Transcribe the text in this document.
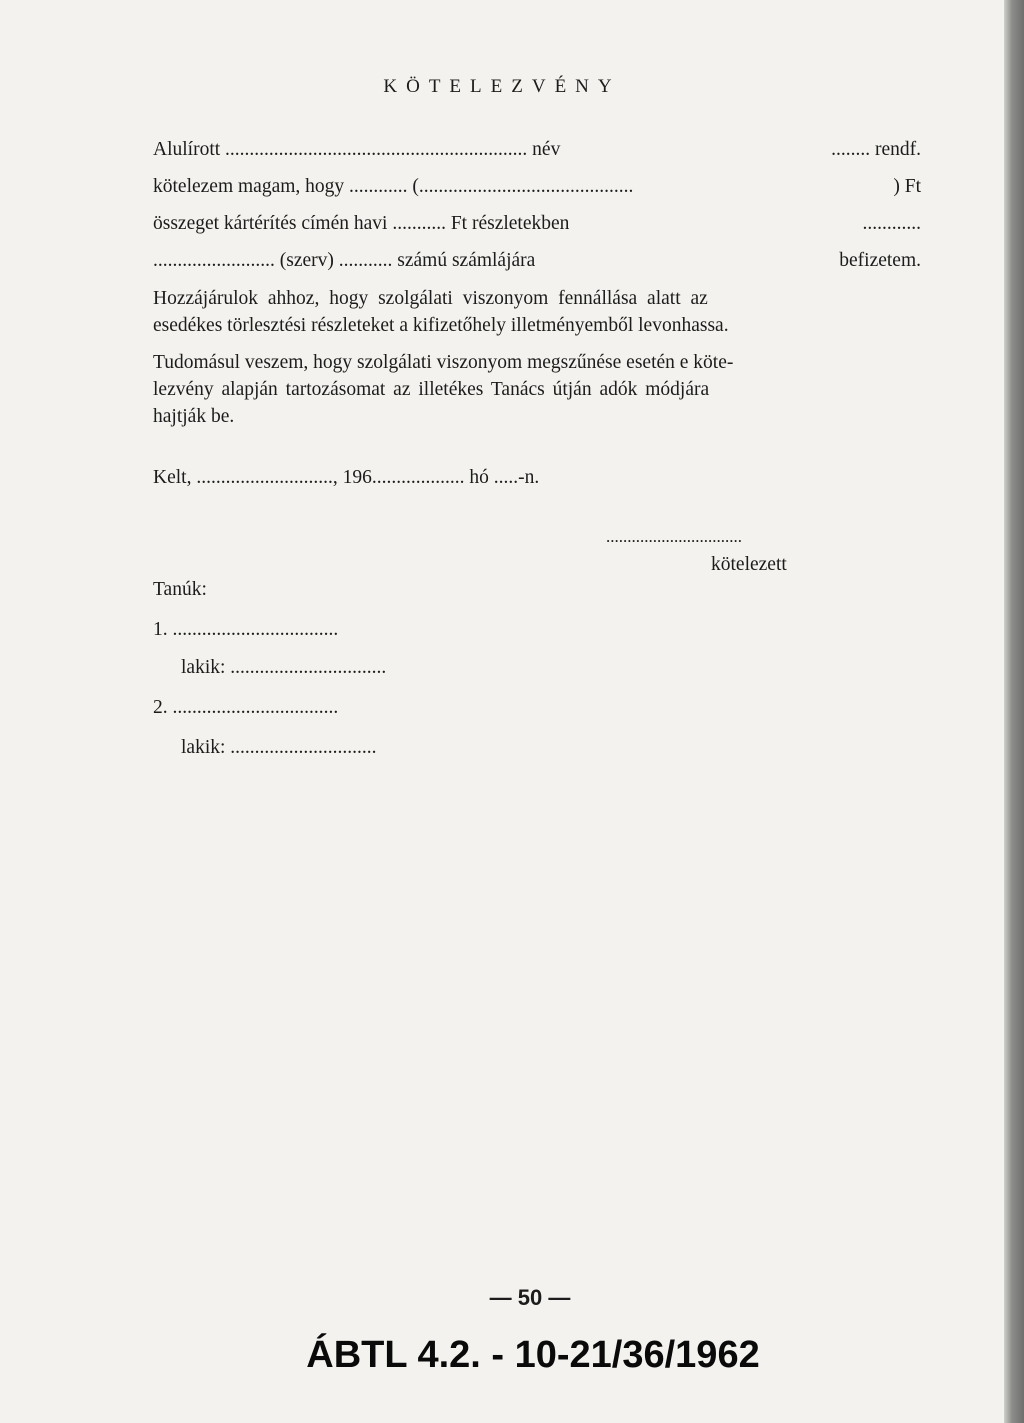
KÖTELEZVÉNY
Alulírott .............................................................. név	........ rendf.
kötelezem magam, hogy ............ (............................................	) Ft
összeget kártérítés címén havi ........... Ft részletekben	............
......................... (szerv) ........... számú számlájára	befizetem.
Hozzájárulok ahhoz, hogy szolgálati viszonyom fennállása alatt az
esedékes törlesztési részleteket a kifizetőhely illetményemből levonhassa.
Tudomásul veszem, hogy szolgálati viszonyom megszűnése esetén e köte-
lezvény alapján tartozásomat az illetékes Tanács útján adók módjára
hajtják be.
Kelt, ............................, 196................... hó .....-n.
................................
kötelezett
Tanúk:
1. ..................................
lakik: ................................
2. ..................................
lakik: ..............................
— 50 —
ÁBTL 4.2. - 10-21/36/1962
